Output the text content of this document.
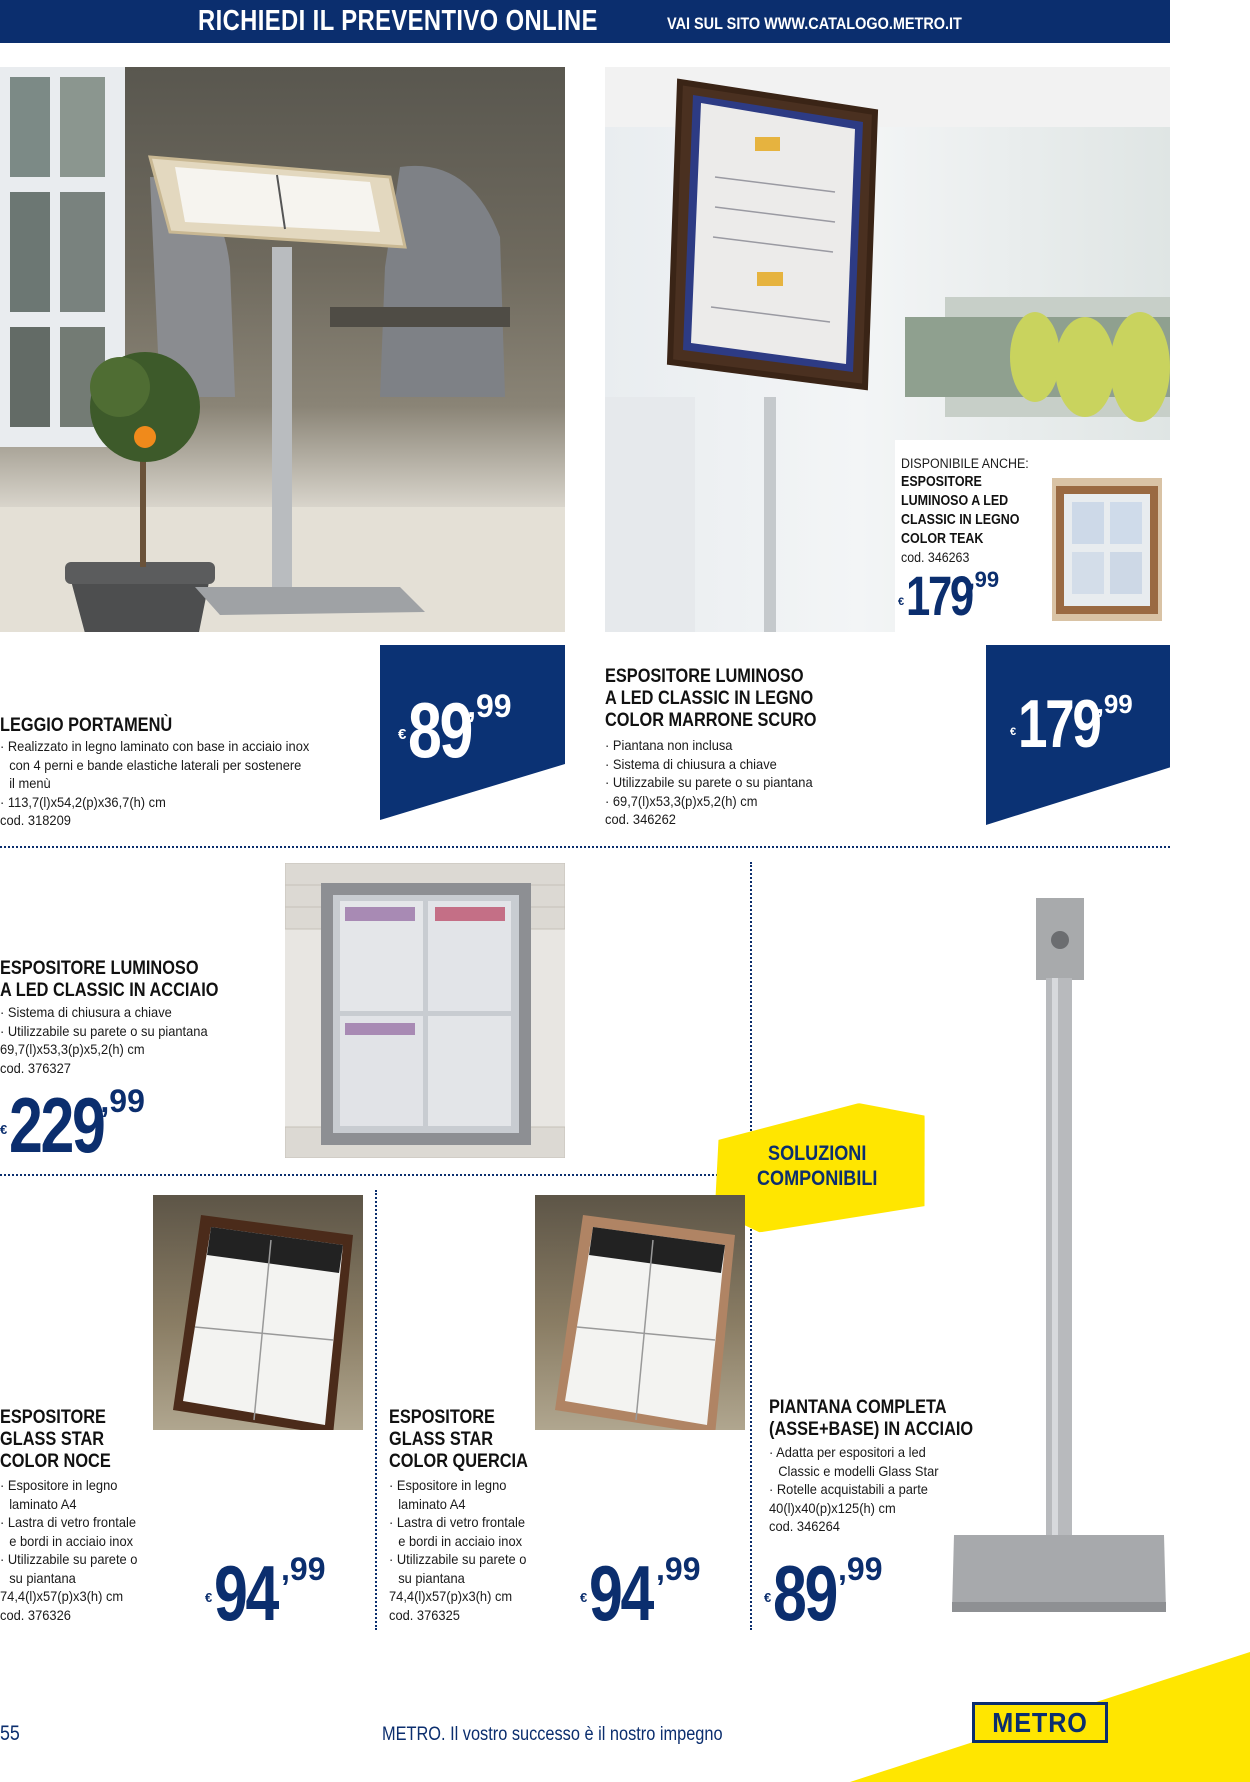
RICHIEDI IL PREVENTIVO ONLINE	VAI SUL SITO WWW.CATALOGO.METRO.IT
DISPONIBILE ANCHE:
ESPOSITORE
LUMINOSO A LED
CLASSIC IN LEGNO
COLOR TEAK
cod. 346263
€179,99
LEGGIO PORTAMENÙ
· Realizzato in legno laminato con base in acciaio inox
con 4 perni e bande elastiche laterali per sostenere
il menù
· 113,7(l)x54,2(p)x36,7(h) cm
cod. 318209
€89,99
ESPOSITORE LUMINOSO
A LED CLASSIC IN LEGNO
COLOR MARRONE SCURO
· Piantana non inclusa
· Sistema di chiusura a chiave
· Utilizzabile su parete o su piantana
· 69,7(l)x53,3(p)x5,2(h) cm
cod. 346262
€179,99
ESPOSITORE LUMINOSO
A LED CLASSIC IN ACCIAIO
· Sistema di chiusura a chiave
· Utilizzabile su parete o su piantana
69,7(l)x53,3(p)x5,2(h) cm
cod. 376327
€229,99
SOLUZIONI
COMPONIBILI
ESPOSITORE
GLASS STAR
COLOR NOCE
· Espositore in legno
laminato A4
· Lastra di vetro frontale
e bordi in acciaio inox
· Utilizzabile su parete o
su piantana
74,4(l)x57(p)x3(h) cm
cod. 376326
€94 ,99
ESPOSITORE
GLASS STAR
COLOR QUERCIA
· Espositore in legno
laminato A4
· Lastra di vetro frontale
e bordi in acciaio inox
· Utilizzabile su parete o
su piantana
74,4(l)x57(p)x3(h) cm
cod. 376325
€94 ,99
PIANTANA COMPLETA
(ASSE+BASE) IN ACCIAIO
· Adatta per espositori a led
Classic e modelli Glass Star
· Rotelle acquistabili a parte
40(l)x40(p)x125(h) cm
cod. 346264
€89,99
55	METRO. Il vostro successo è il nostro impegno	METRO
